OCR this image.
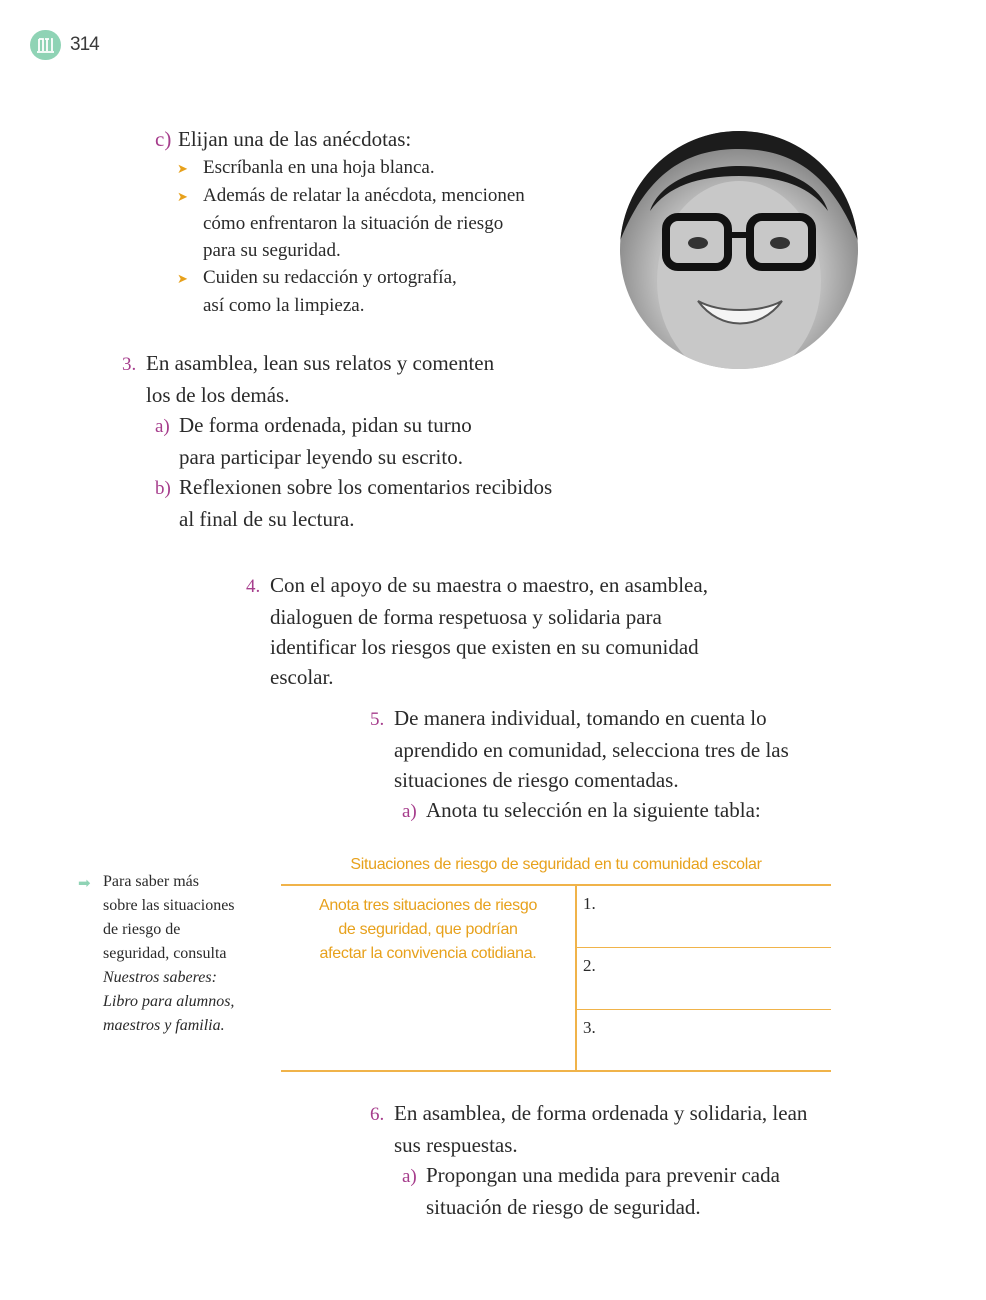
314
c) Elijan una de las anécdotas:
➤ Escríbanla en una hoja blanca.
➤ Además de relatar la anécdota, mencionen
cómo enfrentaron la situación de riesgo
para su seguridad.
➤ Cuiden su redacción y ortografía,
así como la limpieza.
3. En asamblea, lean sus relatos y comenten
los de los demás.
a) De forma ordenada, pidan su turno
para participar leyendo su escrito.
b) Reflexionen sobre los comentarios recibidos
al final de su lectura.
4. Con el apoyo de su maestra o maestro, en asamblea,
dialoguen de forma respetuosa y solidaria para
identificar los riesgos que existen en su comunidad
escolar.
5. De manera individual, tomando en cuenta lo
aprendido en comunidad, selecciona tres de las
situaciones de riesgo comentadas.
a) Anota tu selección en la siguiente tabla:
➡ Para saber más
sobre las situaciones
de riesgo de
seguridad, consulta
Nuestros saberes:
Libro para alumnos,
maestros y familia.
Situaciones de riesgo de seguridad en tu comunidad escolar
Anota tres situaciones de riesgo
de seguridad, que podrían
afectar la convivencia cotidiana.
1.
2.
3.
6. En asamblea, de forma ordenada y solidaria, lean
sus respuestas.
a) Propongan una medida para prevenir cada
situación de riesgo de seguridad.
